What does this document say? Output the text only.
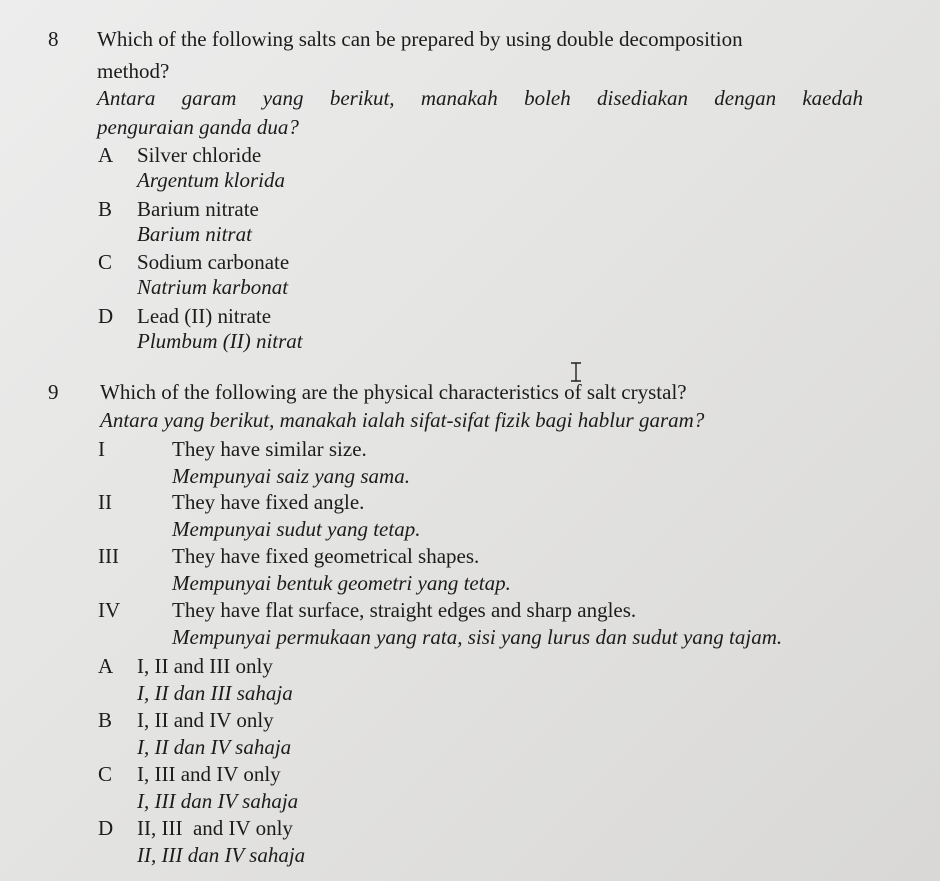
8 Which of the following salts can be prepared by using double decomposition
method?
Antara garam yang berikut, manakah boleh disediakan dengan kaedah
penguraian ganda dua?
A Silver chloride
Argentum klorida
B Barium nitrate
Barium nitrat
C Sodium carbonate
Natrium karbonat
D Lead (II) nitrate
Plumbum (II) nitrat
9 Which of the following are the physical characteristics of salt crystal?
Antara yang berikut, manakah ialah sifat-sifat fizik bagi hablur garam?
I	They have similar size.
Mempunyai saiz yang sama.
II	They have fixed angle.
Mempunyai sudut yang tetap.
III	They have fixed geometrical shapes.
Mempunyai bentuk geometri yang tetap.
IV They have flat surface, straight edges and sharp angles.
Mempunyai permukaan yang rata, sisi yang lurus dan sudut yang tajam.
A I, II and III only
I, II dan III sahaja
B I, II and IV only
I, II dan IV sahaja
C I, III and IV only
I, III dan IV sahaja
D II, III  and IV only
II, III dan IV sahaja
